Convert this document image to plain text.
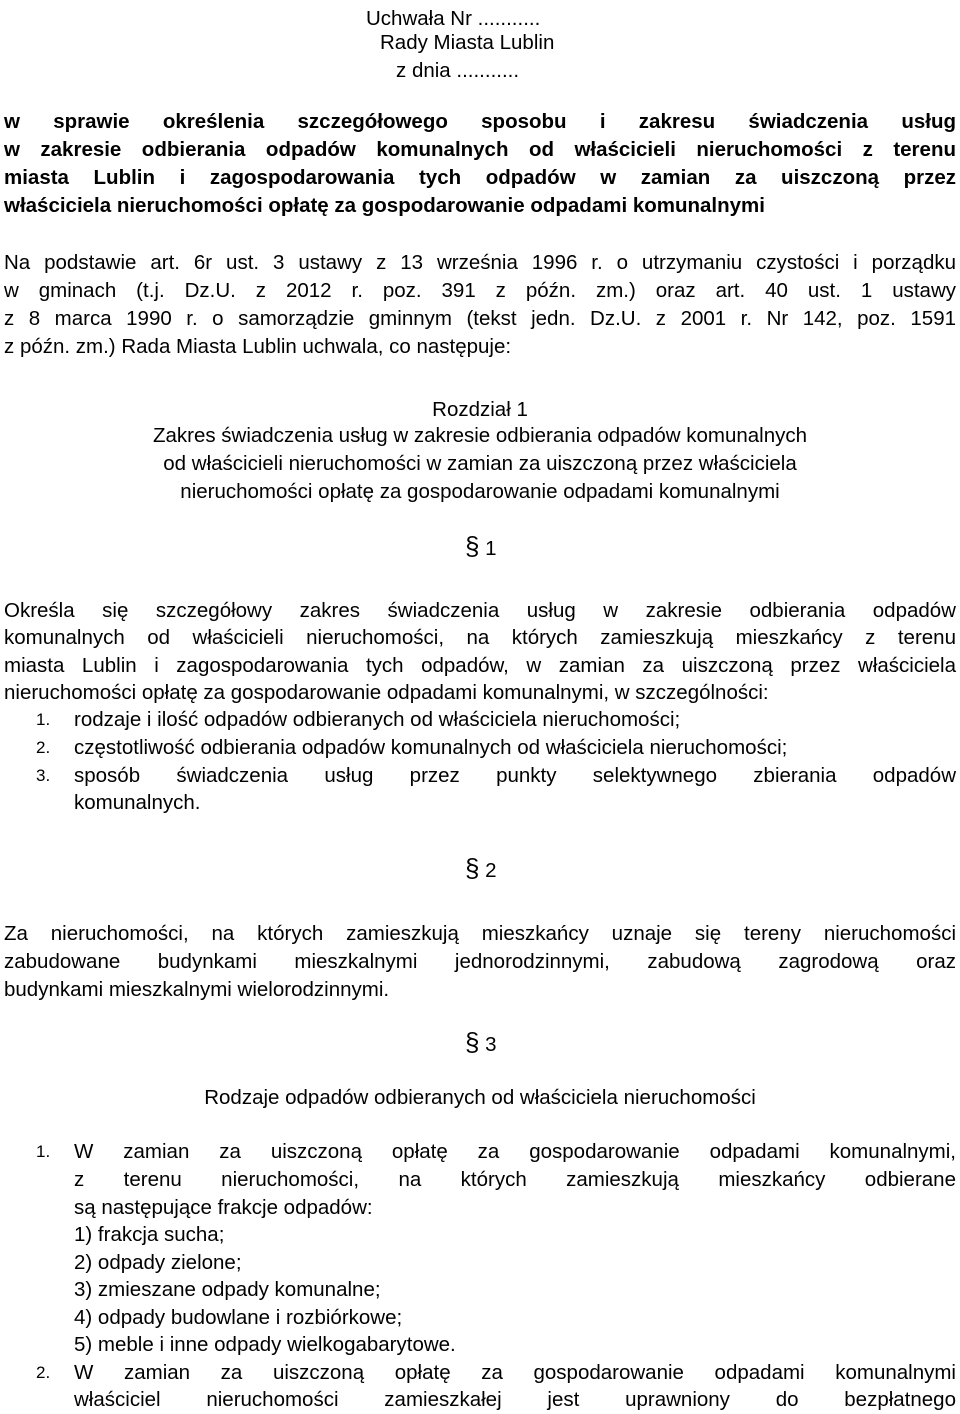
Uchwała Nr ...........
Rady Miasta Lublin
z dnia ...........
w sprawie określenia szczegółowego sposobu i zakresu świadczenia usług
w zakresie odbierania odpadów komunalnych od właścicieli nieruchomości z terenu
miasta Lublin i zagospodarowania tych odpadów w zamian za uiszczoną przez
właściciela nieruchomości opłatę za gospodarowanie odpadami komunalnymi
Na podstawie art. 6r ust. 3 ustawy z 13 września 1996 r. o utrzymaniu czystości i porządku
w gminach (t.j. Dz.U. z 2012 r. poz. 391 z późn. zm.) oraz art. 40 ust. 1 ustawy
z 8 marca 1990 r. o samorządzie gminnym (tekst jedn. Dz.U. z 2001 r. Nr 142, poz. 1591
z późn. zm.) Rada Miasta Lublin uchwala, co następuje:
Rozdział 1
Zakres świadczenia usług w zakresie odbierania odpadów komunalnych
od właścicieli nieruchomości w zamian za uiszczoną przez właściciela
nieruchomości opłatę za gospodarowanie odpadami komunalnymi
§ 1
Określa się szczegółowy zakres świadczenia usług w zakresie odbierania odpadów
komunalnych od właścicieli nieruchomości, na których zamieszkują mieszkańcy z terenu
miasta Lublin i zagospodarowania tych odpadów, w zamian za uiszczoną przez właściciela
nieruchomości opłatę za gospodarowanie odpadami komunalnymi, w szczególności:
1. rodzaje i ilość odpadów odbieranych od właściciela nieruchomości;
2. częstotliwość odbierania odpadów komunalnych od właściciela nieruchomości;
3. sposób świadczenia usług przez punkty selektywnego zbierania odpadów
komunalnych.
§ 2
Za nieruchomości, na których zamieszkują mieszkańcy uznaje się tereny nieruchomości
zabudowane budynkami mieszkalnymi jednorodzinnymi, zabudową zagrodową oraz
budynkami mieszkalnymi wielorodzinnymi.
§ 3
Rodzaje odpadów odbieranych od właściciela nieruchomości
1. W zamian za uiszczoną opłatę za gospodarowanie odpadami komunalnymi,
z terenu nieruchomości, na których zamieszkują mieszkańcy odbierane
są następujące frakcje odpadów:
1) frakcja sucha;
2) odpady zielone;
3) zmieszane odpady komunalne;
4) odpady budowlane i rozbiórkowe;
5) meble i inne odpady wielkogabarytowe.
2. W zamian za uiszczoną opłatę za gospodarowanie odpadami komunalnymi
właściciel nieruchomości zamieszkałej jest uprawniony do bezpłatnego
